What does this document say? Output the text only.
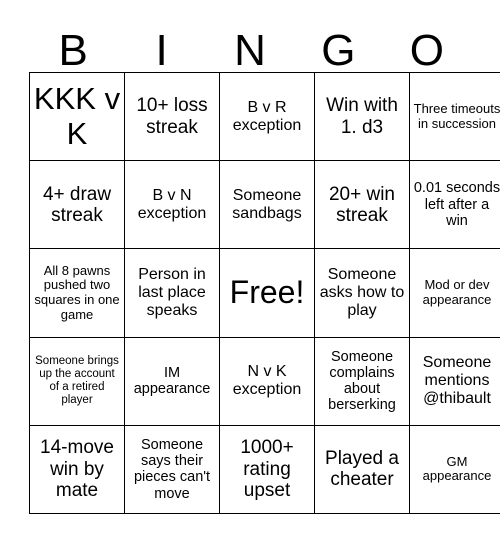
B	I	N	G	O
KKK v K	10+ loss streak	B v R exception	Win with 1. d3	Three timeouts in succession
4+ draw streak	B v N exception	Someone sandbags	20+ win streak	0.01 seconds left after a win
All 8 pawns pushed two squares in one game	Person in last place speaks	Free!	Someone asks how to play	Mod or dev appearance
Someone brings up the account of a retired player	IM appearance	N v K exception	Someone complains about berserking	Someone mentions @thibault
14-move win by mate	Someone says their pieces can't move	1000+ rating upset	Played a cheater	GM appearance
